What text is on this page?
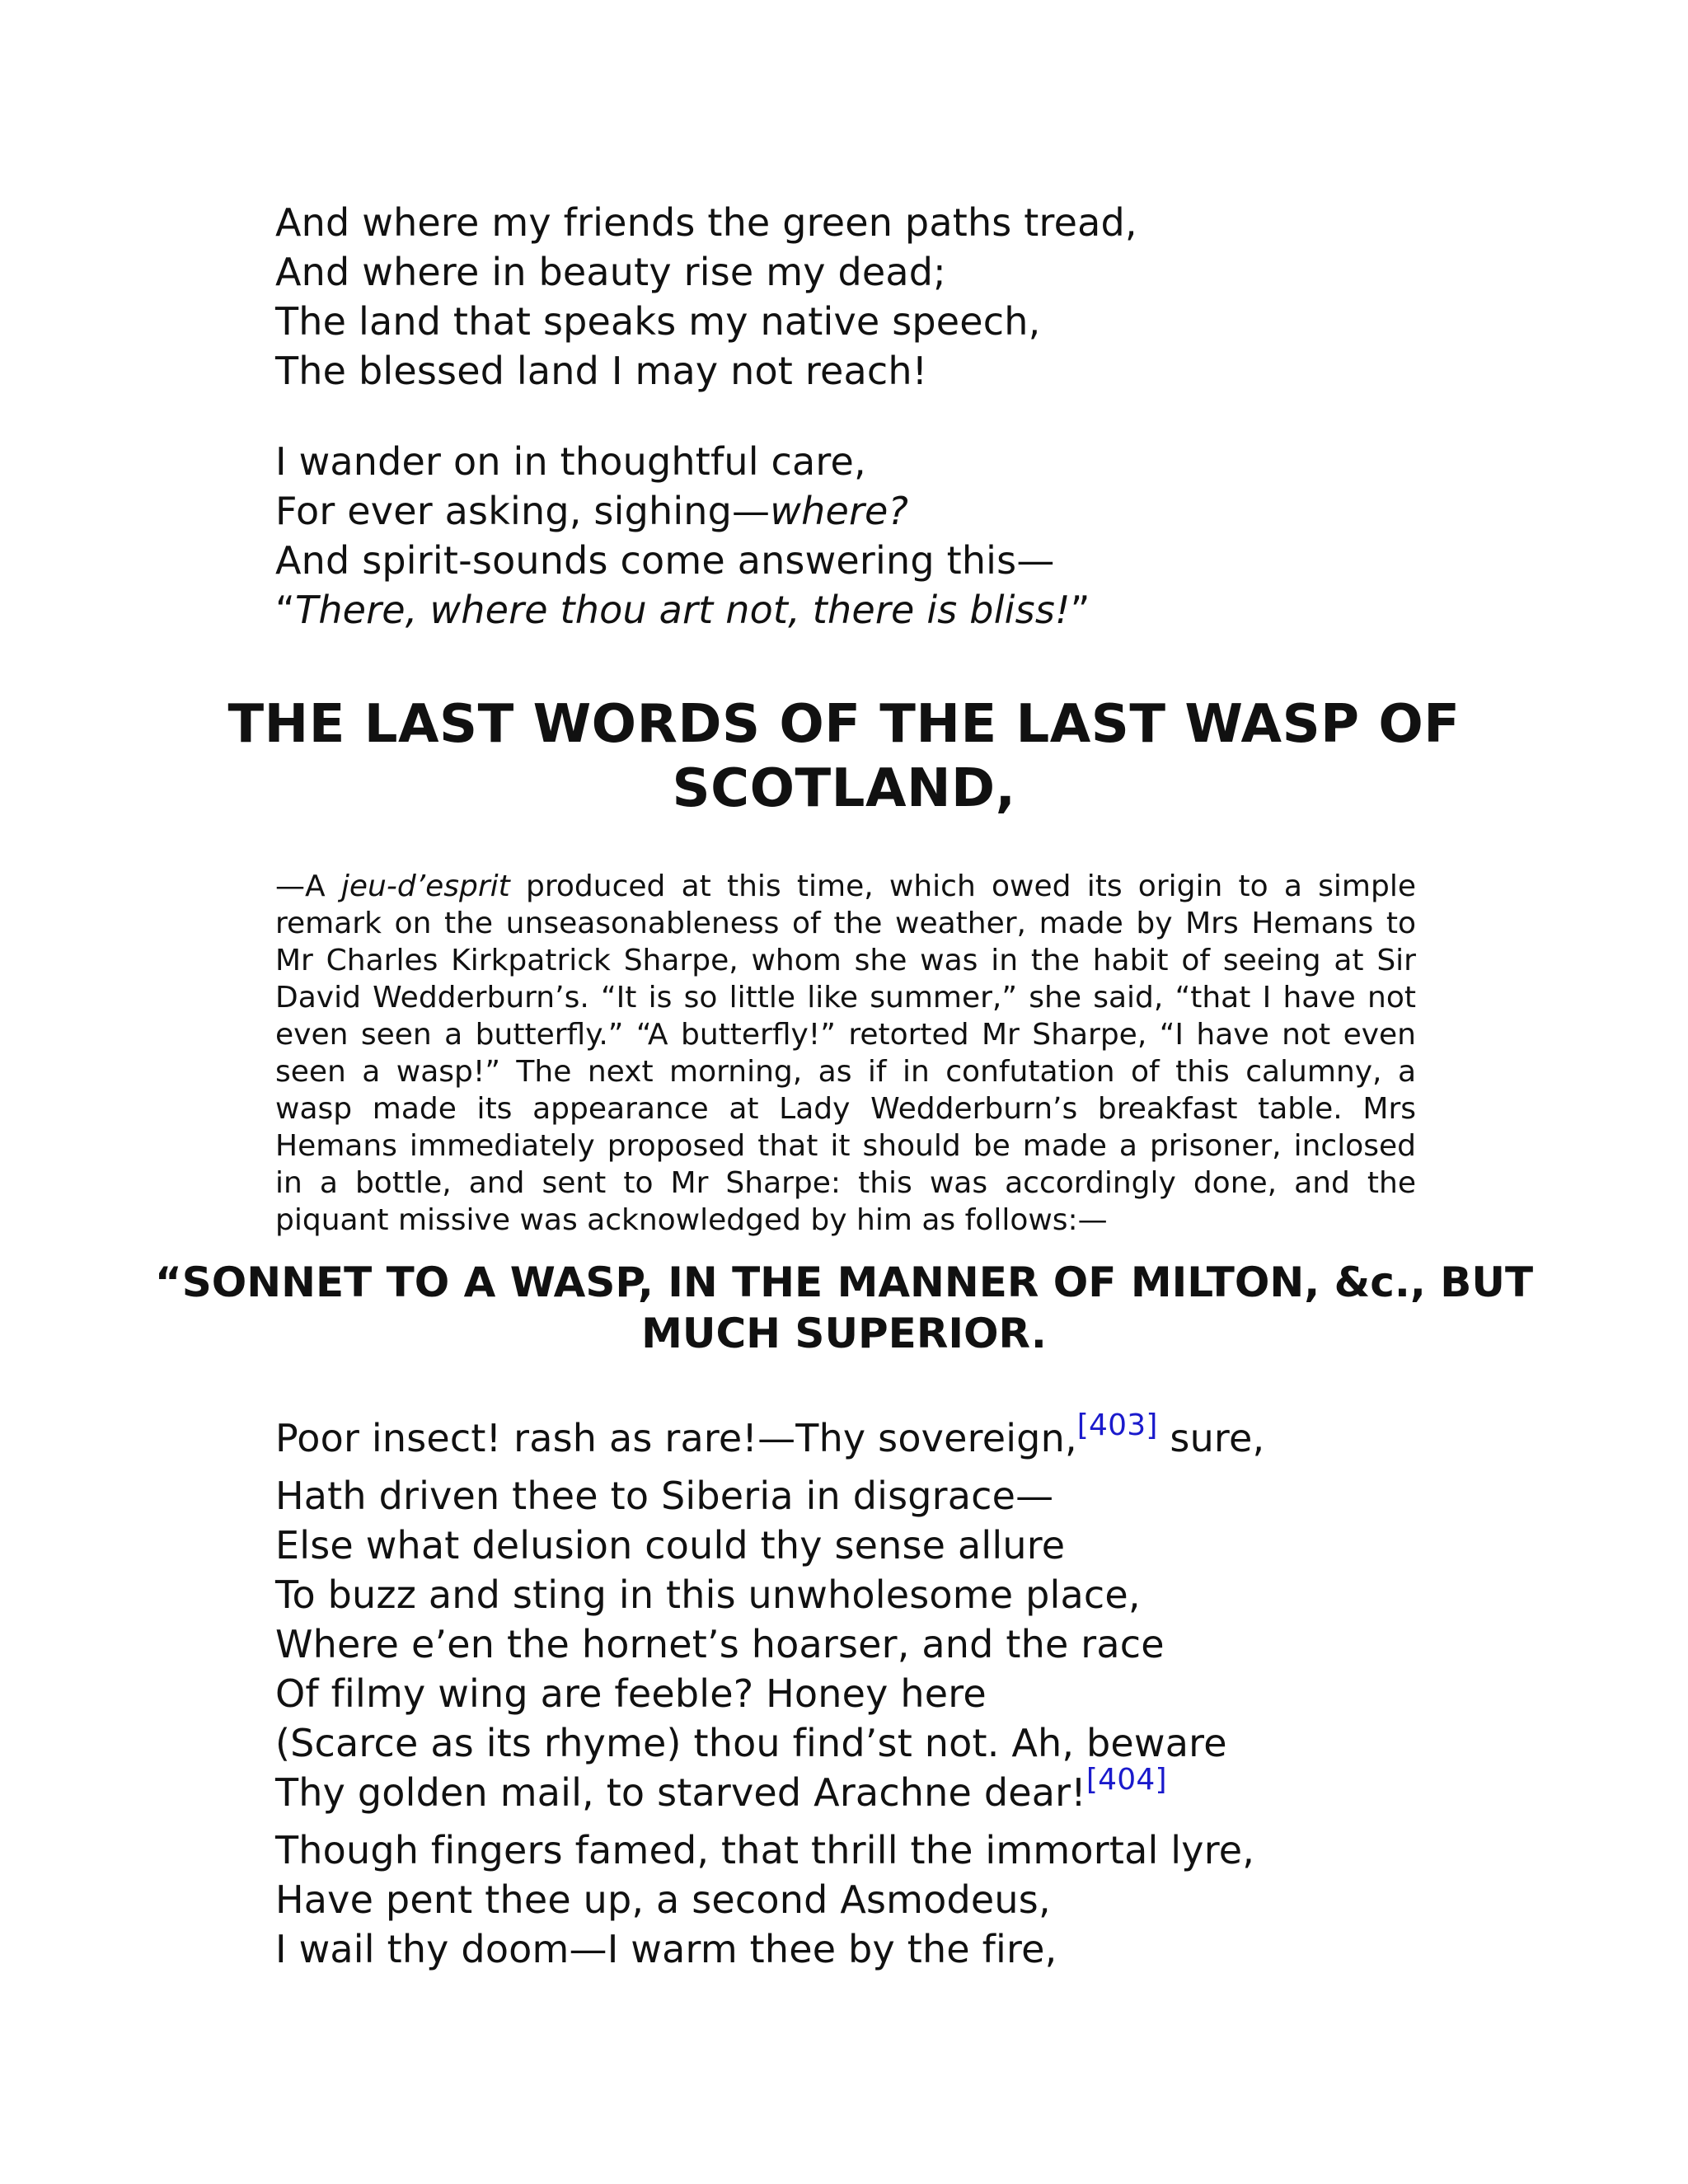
And where my friends the green paths tread,
And where in beauty rise my dead;
The land that speaks my native speech,
The blessed land I may not reach!
I wander on in thoughtful care,
For ever asking, sighing—where?
And spirit-sounds come answering this—
“There, where thou art not, there is bliss!”
THE LAST WORDS OF THE LAST WASP OF
SCOTLAND,

—A jeu-d’esprit produced at this time, which owed its origin to a simple remark on the unseasonableness of the weather, made by Mrs Hemans to Mr Charles Kirkpatrick Sharpe, whom she was in the habit of seeing at Sir David Wedderburn’s. “It is so little like summer,” she said, “that I have not even seen a butterfly.” “A butterfly!” retorted Mr Sharpe, “I have not even seen a wasp!” The next morning, as if in confutation of this calumny, a wasp made its appearance at Lady Wedderburn’s breakfast table. Mrs Hemans immediately proposed that it should be made a prisoner, inclosed in a bottle, and sent to Mr Sharpe: this was accordingly done, and the piquant missive was acknowledged by him as follows:—

“SONNET TO A WASP, IN THE MANNER OF MILTON, &c., BUT
MUCH SUPERIOR.
Poor insect! rash as rare!—Thy sovereign,[403] sure,
Hath driven thee to Siberia in disgrace—
Else what delusion could thy sense allure
To buzz and sting in this unwholesome place,
Where e’en the hornet’s hoarser, and the race
Of filmy wing are feeble? Honey here
(Scarce as its rhyme) thou find’st not. Ah, beware
Thy golden mail, to starved Arachne dear![404]
Though fingers famed, that thrill the immortal lyre,
Have pent thee up, a second Asmodeus,
I wail thy doom—I warm thee by the fire,
